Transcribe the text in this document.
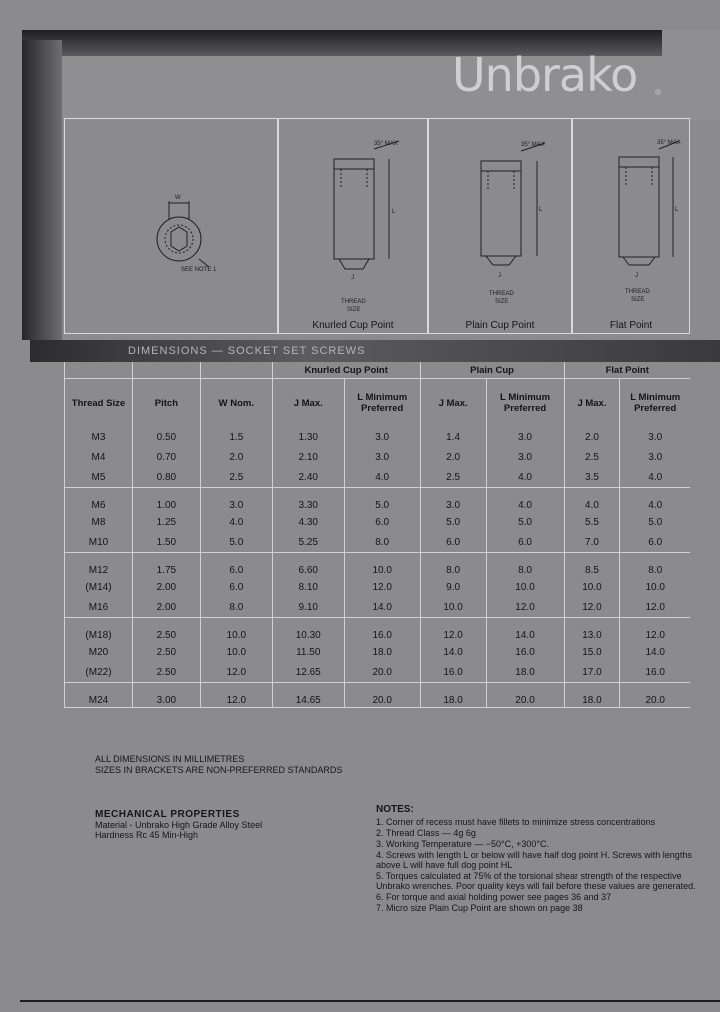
Unbrako ®
W
SEE NOTE 1
35° MAX
L
J
THREAD
SIZE
Knurled Cup Point
35° MAX
L
J
THREAD
SIZE
Plain Cup Point
35° MAX
L
J
THREAD
SIZE
Flat Point
DIMENSIONS — SOCKET SET SCREWS
			Knurled Cup Point		Plain Cup		Flat Point	
Thread Size	Pitch	W Nom.	J Max.	L Minimum Preferred	J Max.	L Minimum Preferred	J Max.	L Minimum Preferred
M3	0.50	1.5	1.30	3.0	1.4	3.0	2.0	3.0
M4	0.70	2.0	2.10	3.0	2.0	3.0	2.5	3.0
M5	0.80	2.5	2.40	4.0	2.5	4.0	3.5	4.0
M6	1.00	3.0	3.30	5.0	3.0	4.0	4.0	4.0
M8	1.25	4.0	4.30	6.0	5.0	5.0	5.5	5.0
M10	1.50	5.0	5.25	8.0	6.0	6.0	7.0	6.0
M12	1.75	6.0	6.60	10.0	8.0	8.0	8.5	8.0
(M14)	2.00	6.0	8.10	12.0	9.0	10.0	10.0	10.0
M16	2.00	8.0	9.10	14.0	10.0	12.0	12.0	12.0
(M18)	2.50	10.0	10.30	16.0	12.0	14.0	13.0	12.0
M20	2.50	10.0	11.50	18.0	14.0	16.0	15.0	14.0
(M22)	2.50	12.0	12.65	20.0	16.0	18.0	17.0	16.0
M24	3.00	12.0	14.65	20.0	18.0	20.0	18.0	20.0
ALL DIMENSIONS IN MILLIMETRES
SIZES IN BRACKETS ARE NON-PREFERRED STANDARDS
MECHANICAL PROPERTIES
Material - Unbrako High Grade Alloy Steel
Hardness Rc 45 Min-High
NOTES:
1. Corner of recess must have fillets to minimize stress concentrations
2. Thread Class — 4g 6g
3. Working Temperature — −50°C, +300°C.
4. Screws with length L or below will have half dog point H. Screws with lengths above L will have full dog point HL
5. Torques calculated at 75% of the torsional shear strength of the respective Unbrako wrenches. Poor quality keys will fail before these values are generated.
6. For torque and axial holding power see pages 36 and 37
7. Micro size Plain Cup Point are shown on page 38
